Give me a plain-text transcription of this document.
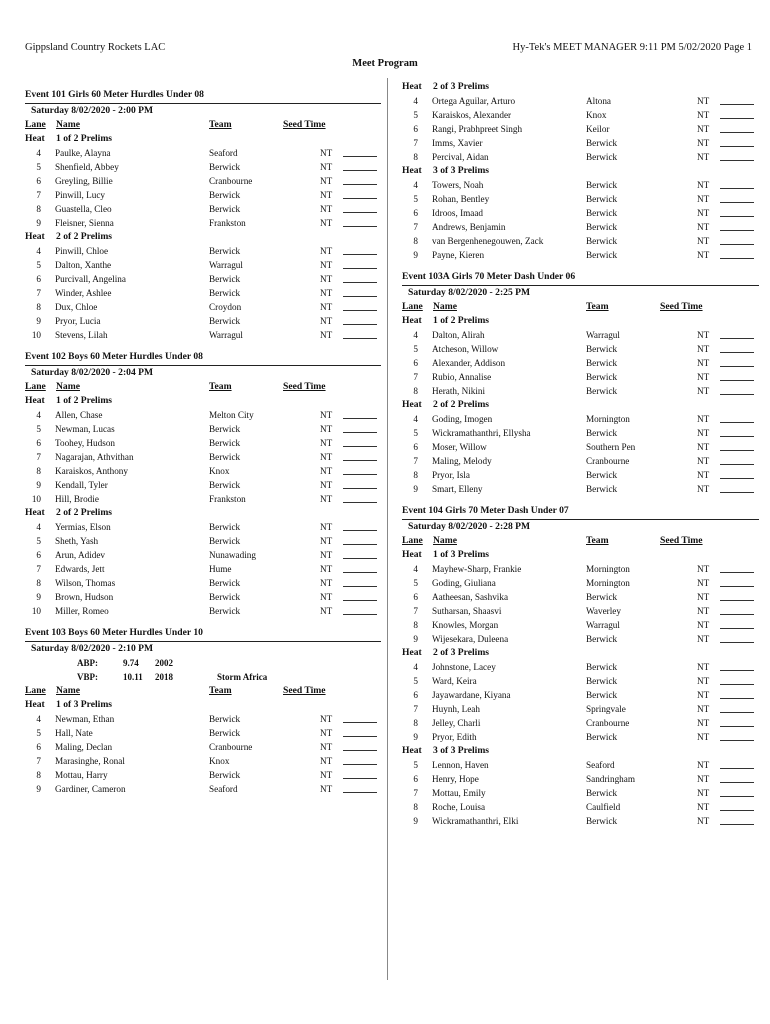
Gippsland Country Rockets LAC	Hy-Tek's MEET MANAGER 9:11 PM 5/02/2020 Page 1
Meet Program
Event 101 Girls 60 Meter Hurdles Under 08
Saturday 8/02/2020 - 2:00 PM
Lane Name	Team	Seed Time
Heat 1 of 2 Prelims
4 Paulke, Alayna	Seaford	NT
5 Shenfield, Abbey	Berwick	NT
6 Greyling, Billie	Cranbourne	NT
7 Pinwill, Lucy	Berwick	NT
8 Guastella, Cleo	Berwick	NT
9 Fleisner, Sienna	Frankston	NT
Heat 2 of 2 Prelims
4 Pinwill, Chloe	Berwick	NT
5 Dalton, Xanthe	Warragul	NT
6 Purcivall, Angelina	Berwick	NT
7 Winder, Ashlee	Berwick	NT
8 Dux, Chloe	Croydon	NT
9 Pryor, Lucia	Berwick	NT
10 Stevens, Lilah	Warragul	NT
Event 102 Boys 60 Meter Hurdles Under 08
Saturday 8/02/2020 - 2:04 PM
Lane Name	Team	Seed Time
Heat 1 of 2 Prelims
4 Allen, Chase	Melton City	NT
5 Newman, Lucas	Berwick	NT
6 Toohey, Hudson	Berwick	NT
7 Nagarajan, Athvithan	Berwick	NT
8 Karaiskos, Anthony	Knox	NT
9 Kendall, Tyler	Berwick	NT
10 Hill, Brodie	Frankston	NT
Heat 2 of 2 Prelims
4 Yermias, Elson	Berwick	NT
5 Sheth, Yash	Berwick	NT
6 Arun, Adidev	Nunawading	NT
7 Edwards, Jett	Hume	NT
8 Wilson, Thomas	Berwick	NT
9 Brown, Hudson	Berwick	NT
10 Miller, Romeo	Berwick	NT
Event 103 Boys 60 Meter Hurdles Under 10
Saturday 8/02/2020 - 2:10 PM
ABP:	9.74 2002
VBP:	10.11 2018	Storm Africa
Lane Name	Team	Seed Time
Heat 1 of 3 Prelims
4 Newman, Ethan	Berwick	NT
5 Hall, Nate	Berwick	NT
6 Maling, Declan	Cranbourne	NT
7 Marasinghe, Ronal	Knox	NT
8 Mottau, Harry	Berwick	NT
9 Gardiner, Cameron	Seaford	NT
Heat 2 of 3 Prelims
4 Ortega Aguilar, Arturo	Altona	NT
5 Karaiskos, Alexander	Knox	NT
6 Rangi, Prabhpreet Singh	Keilor	NT
7 Imms, Xavier	Berwick	NT
8 Percival, Aidan	Berwick	NT
Heat 3 of 3 Prelims
4 Towers, Noah	Berwick	NT
5 Rohan, Bentley	Berwick	NT
6 Idroos, Imaad	Berwick	NT
7 Andrews, Benjamin	Berwick	NT
8 van Bergenhenegouwen, Zack	Berwick	NT
9 Payne, Kieren	Berwick	NT
Event 103A Girls 70 Meter Dash Under 06
Saturday 8/02/2020 - 2:25 PM
Lane Name	Team	Seed Time
Heat 1 of 2 Prelims
4 Dalton, Alirah	Warragul	NT
5 Atcheson, Willow	Berwick	NT
6 Alexander, Addison	Berwick	NT
7 Rubio, Annalise	Berwick	NT
8 Herath, Nikini	Berwick	NT
Heat 2 of 2 Prelims
4 Goding, Imogen	Mornington	NT
5 Wickramathanthri, Ellysha	Berwick	NT
6 Moser, Willow	Southern Pen	NT
7 Maling, Melody	Cranbourne	NT
8 Pryor, Isla	Berwick	NT
9 Smart, Elleny	Berwick	NT
Event 104 Girls 70 Meter Dash Under 07
Saturday 8/02/2020 - 2:28 PM
Lane Name	Team	Seed Time
Heat 1 of 3 Prelims
4 Mayhew-Sharp, Frankie	Mornington	NT
5 Goding, Giuliana	Mornington	NT
6 Aatheesan, Sashvika	Berwick	NT
7 Sutharsan, Shaasvi	Waverley	NT
8 Knowles, Morgan	Warragul	NT
9 Wijesekara, Duleena	Berwick	NT
Heat 2 of 3 Prelims
4 Johnstone, Lacey	Berwick	NT
5 Ward, Keira	Berwick	NT
6 Jayawardane, Kiyana	Berwick	NT
7 Huynh, Leah	Springvale	NT
8 Jelley, Charli	Cranbourne	NT
9 Pryor, Edith	Berwick	NT
Heat 3 of 3 Prelims
5 Lennon, Haven	Seaford	NT
6 Henry, Hope	Sandringham	NT
7 Mottau, Emily	Berwick	NT
8 Roche, Louisa	Caulfield	NT
9 Wickramathanthri, Elki	Berwick	NT
